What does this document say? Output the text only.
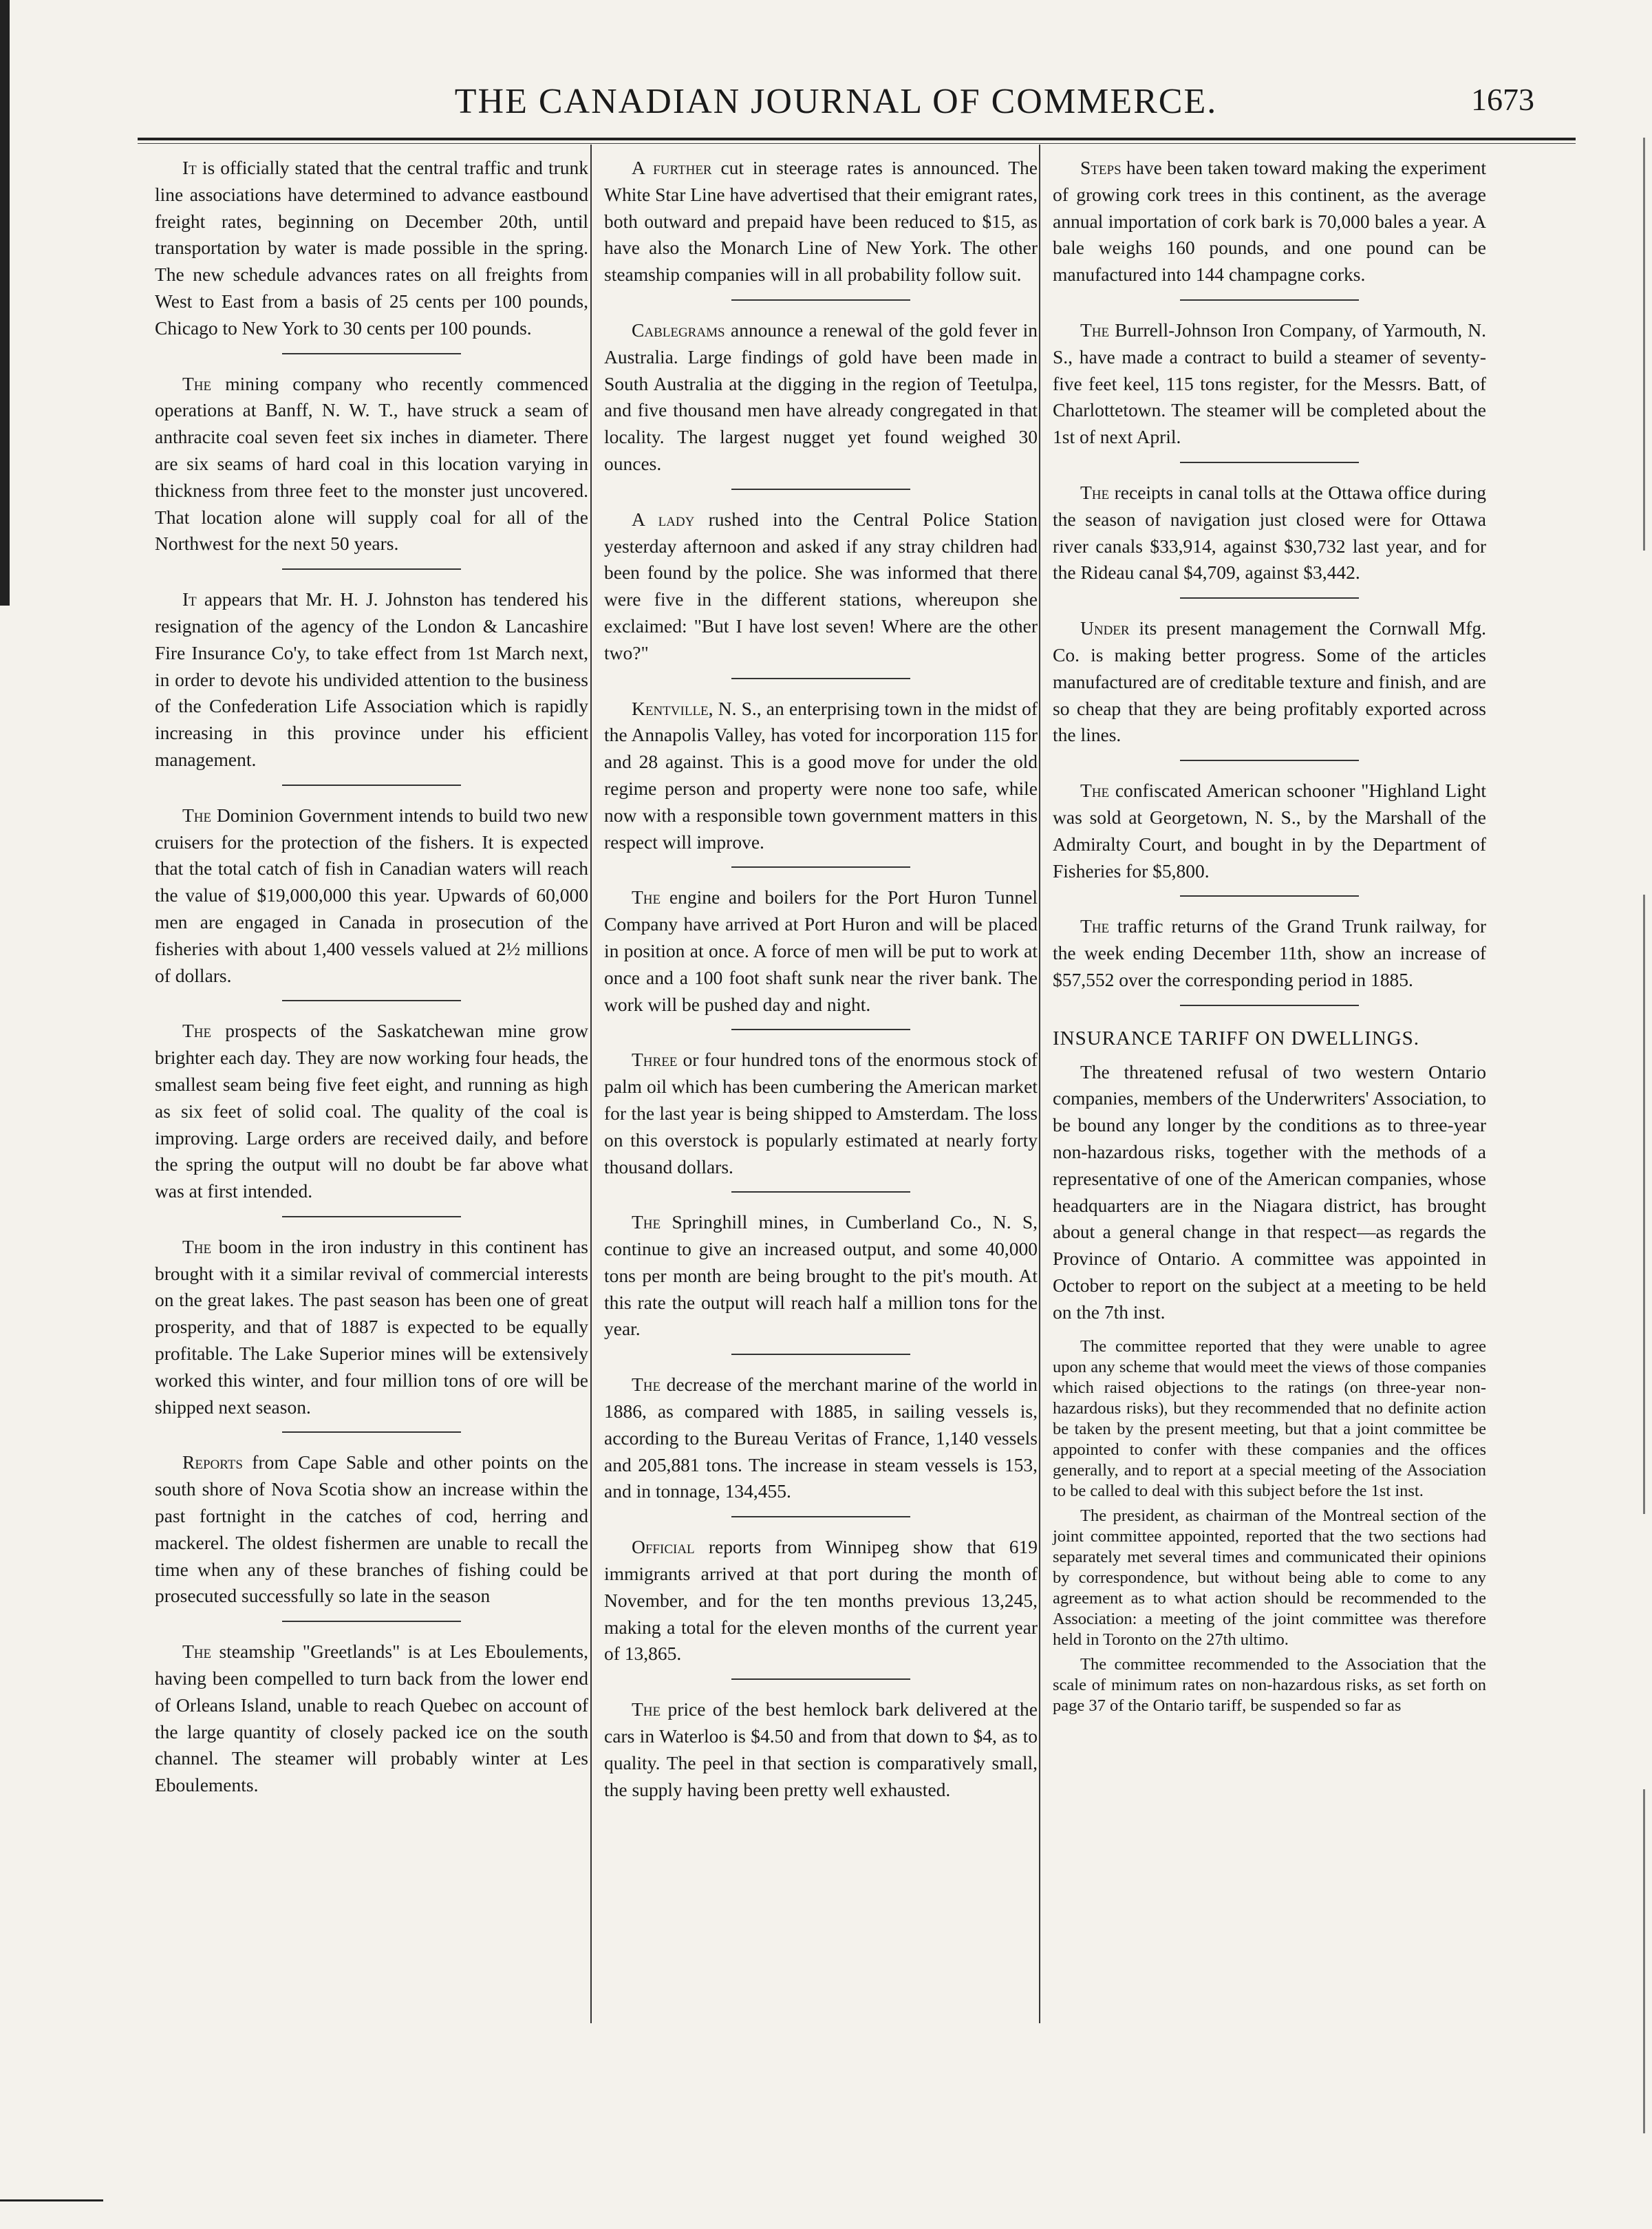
THE CANADIAN JOURNAL OF COMMERCE.	1673

It is officially stated that the central traffic and trunk line associations have determined to advance eastbound freight rates, beginning on December 20th, until transportation by water is made possible in the spring. The new schedule advances rates on all freights from West to East from a basis of 25 cents per 100 pounds, Chicago to New York to 30 cents per 100 pounds.

The mining company who recently commenced operations at Banff, N. W. T., have struck a seam of anthracite coal seven feet six inches in diameter. There are six seams of hard coal in this location varying in thickness from three feet to the monster just uncovered. That location alone will supply coal for all of the Northwest for the next 50 years.

It appears that Mr. H. J. Johnston has tendered his resignation of the agency of the London & Lancashire Fire Insurance Co'y, to take effect from 1st March next, in order to devote his undivided attention to the business of the Confederation Life Association which is rapidly increasing in this province under his efficient management.

The Dominion Government intends to build two new cruisers for the protection of the fishers. It is expected that the total catch of fish in Canadian waters will reach the value of $19,000,000 this year. Upwards of 60,000 men are engaged in Canada in prosecution of the fisheries with about 1,400 vessels valued at 2½ millions of dollars.

The prospects of the Saskatchewan mine grow brighter each day. They are now working four heads, the smallest seam being five feet eight, and running as high as six feet of solid coal. The quality of the coal is improving. Large orders are received daily, and before the spring the output will no doubt be far above what was at first intended.

The boom in the iron industry in this continent has brought with it a similar revival of commercial interests on the great lakes. The past season has been one of great prosperity, and that of 1887 is expected to be equally profitable. The Lake Superior mines will be extensively worked this winter, and four million tons of ore will be shipped next season.

Reports from Cape Sable and other points on the south shore of Nova Scotia show an increase within the past fortnight in the catches of cod, herring and mackerel. The oldest fishermen are unable to recall the time when any of these branches of fishing could be prosecuted successfully so late in the season

The steamship "Greetlands" is at Les Eboulements, having been compelled to turn back from the lower end of Orleans Island, unable to reach Quebec on account of the large quantity of closely packed ice on the south channel. The steamer will probably winter at Les Eboulements.

A further cut in steerage rates is announced. The White Star Line have advertised that their emigrant rates, both outward and prepaid have been reduced to $15, as have also the Monarch Line of New York. The other steamship companies will in all probability follow suit.

Cablegrams announce a renewal of the gold fever in Australia. Large findings of gold have been made in South Australia at the digging in the region of Teetulpa, and five thousand men have already congregated in that locality. The largest nugget yet found weighed 30 ounces.

A lady rushed into the Central Police Station yesterday afternoon and asked if any stray children had been found by the police. She was informed that there were five in the different stations, whereupon she exclaimed: "But I have lost seven! Where are the other two?"

Kentville, N. S., an enterprising town in the midst of the Annapolis Valley, has voted for incorporation 115 for and 28 against. This is a good move for under the old regime person and property were none too safe, while now with a responsible town government matters in this respect will improve.

The engine and boilers for the Port Huron Tunnel Company have arrived at Port Huron and will be placed in position at once. A force of men will be put to work at once and a 100 foot shaft sunk near the river bank. The work will be pushed day and night.

Three or four hundred tons of the enormous stock of palm oil which has been cumbering the American market for the last year is being shipped to Amsterdam. The loss on this overstock is popularly estimated at nearly forty thousand dollars.

The Springhill mines, in Cumberland Co., N. S, continue to give an increased output, and some 40,000 tons per month are being brought to the pit's mouth. At this rate the output will reach half a million tons for the year.

The decrease of the merchant marine of the world in 1886, as compared with 1885, in sailing vessels is, according to the Bureau Veritas of France, 1,140 vessels and 205,881 tons. The increase in steam vessels is 153, and in tonnage, 134,455.

Official reports from Winnipeg show that 619 immigrants arrived at that port during the month of November, and for the ten months previous 13,245, making a total for the eleven months of the current year of 13,865.

The price of the best hemlock bark delivered at the cars in Waterloo is $4.50 and from that down to $4, as to quality. The peel in that section is comparatively small, the supply having been pretty well exhausted.

Steps have been taken toward making the experiment of growing cork trees in this continent, as the average annual importation of cork bark is 70,000 bales a year. A bale weighs 160 pounds, and one pound can be manufactured into 144 champagne corks.

The Burrell-Johnson Iron Company, of Yarmouth, N. S., have made a contract to build a steamer of seventy-five feet keel, 115 tons register, for the Messrs. Batt, of Charlottetown. The steamer will be completed about the 1st of next April.

The receipts in canal tolls at the Ottawa office during the season of navigation just closed were for Ottawa river canals $33,914, against $30,732 last year, and for the Rideau canal $4,709, against $3,442.

Under its present management the Cornwall Mfg. Co. is making better progress. Some of the articles manufactured are of creditable texture and finish, and are so cheap that they are being profitably exported across the lines.

The confiscated American schooner "Highland Light was sold at Georgetown, N. S., by the Marshall of the Admiralty Court, and bought in by the Department of Fisheries for $5,800.

The traffic returns of the Grand Trunk railway, for the week ending December 11th, show an increase of $57,552 over the corresponding period in 1885.

INSURANCE TARIFF ON DWELLINGS.

The threatened refusal of two western Ontario companies, members of the Underwriters' Association, to be bound any longer by the conditions as to three-year non-hazardous risks, together with the methods of a representative of one of the American companies, whose headquarters are in the Niagara district, has brought about a general change in that respect—as regards the Province of Ontario. A committee was appointed in October to report on the subject at a meeting to be held on the 7th inst.

The committee reported that they were unable to agree upon any scheme that would meet the views of those companies which raised objections to the ratings (on three-year non-hazardous risks), but they recommended that no definite action be taken by the present meeting, but that a joint committee be appointed to confer with these companies and the offices generally, and to report at a special meeting of the Association to be called to deal with this subject before the 1st inst.

The president, as chairman of the Montreal section of the joint committee appointed, reported that the two sections had separately met several times and communicated their opinions by correspondence, but without being able to come to any agreement as to what action should be recommended to the Association: a meeting of the joint committee was therefore held in Toronto on the 27th ultimo.

The committee recommended to the Association that the scale of minimum rates on non-hazardous risks, as set forth on page 37 of the Ontario tariff, be suspended so far as
